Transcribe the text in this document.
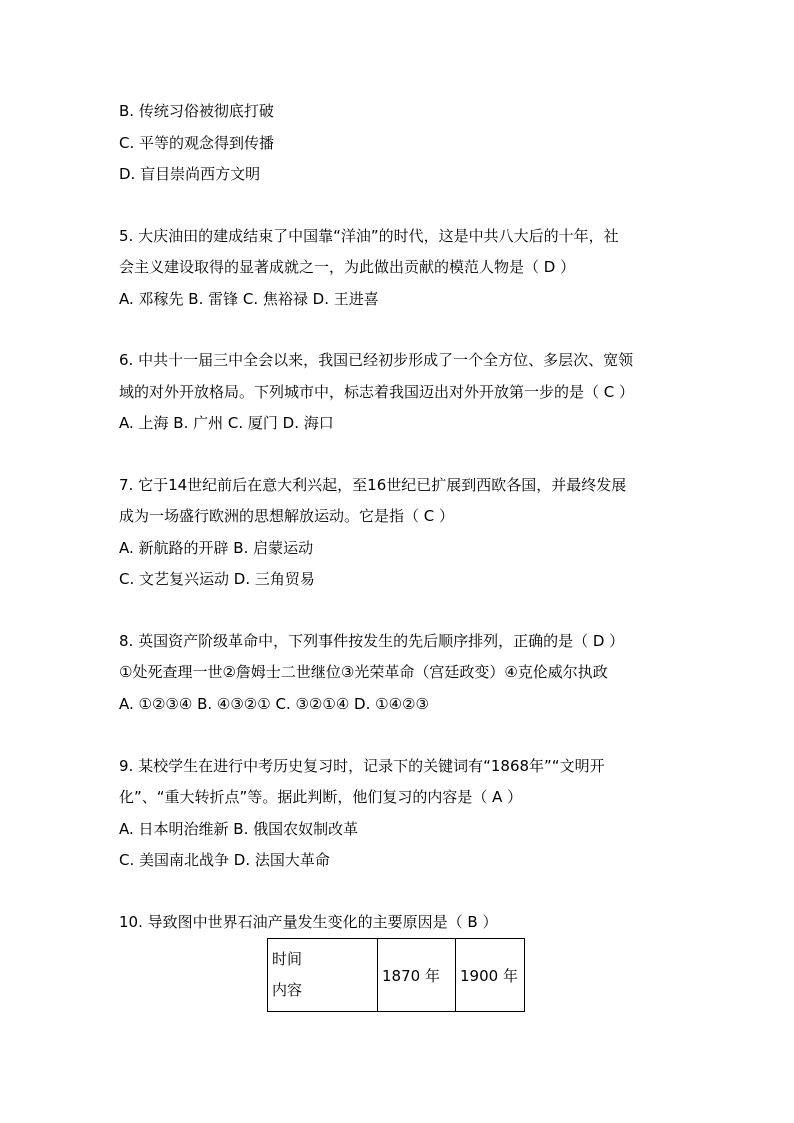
B. 传统习俗被彻底打破
C. 平等的观念得到传播
D. 盲目崇尚西方文明
5. 大庆油田的建成结束了中国靠“洋油”的时代，这是中共八大后的十年，社
会主义建设取得的显著成就之一，为此做出贡献的模范人物是（ D ）
A. 邓稼先 B. 雷锋 C. 焦裕禄 D. 王进喜
6. 中共十一届三中全会以来，我国已经初步形成了一个全方位、多层次、宽领
域的对外开放格局。下列城市中，标志着我国迈出对外开放第一步的是（ C ）
A. 上海 B. 广州 C. 厦门 D. 海口
7. 它于14世纪前后在意大利兴起，至16世纪已扩展到西欧各国，并最终发展
成为一场盛行欧洲的思想解放运动。它是指（ C ）
A. 新航路的开辟 B. 启蒙运动
C. 文艺复兴运动 D. 三角贸易
8. 英国资产阶级革命中，下列事件按发生的先后顺序排列，正确的是（ D ）
①处死查理一世②詹姆士二世继位③光荣革命（宫廷政变）④克伦威尔执政
A. ①②③④ B. ④③②① C. ③②①④ D. ①④②③
9. 某校学生在进行中考历史复习时，记录下的关键词有“1868年”“文明开
化”、“重大转折点”等。据此判断，他们复习的内容是（ A ）
A. 日本明治维新 B. 俄国农奴制改革
C. 美国南北战争 D. 法国大革命
10. 导致图中世界石油产量发生变化的主要原因是（ B ）
时间
内容
	1870 年	1900 年
